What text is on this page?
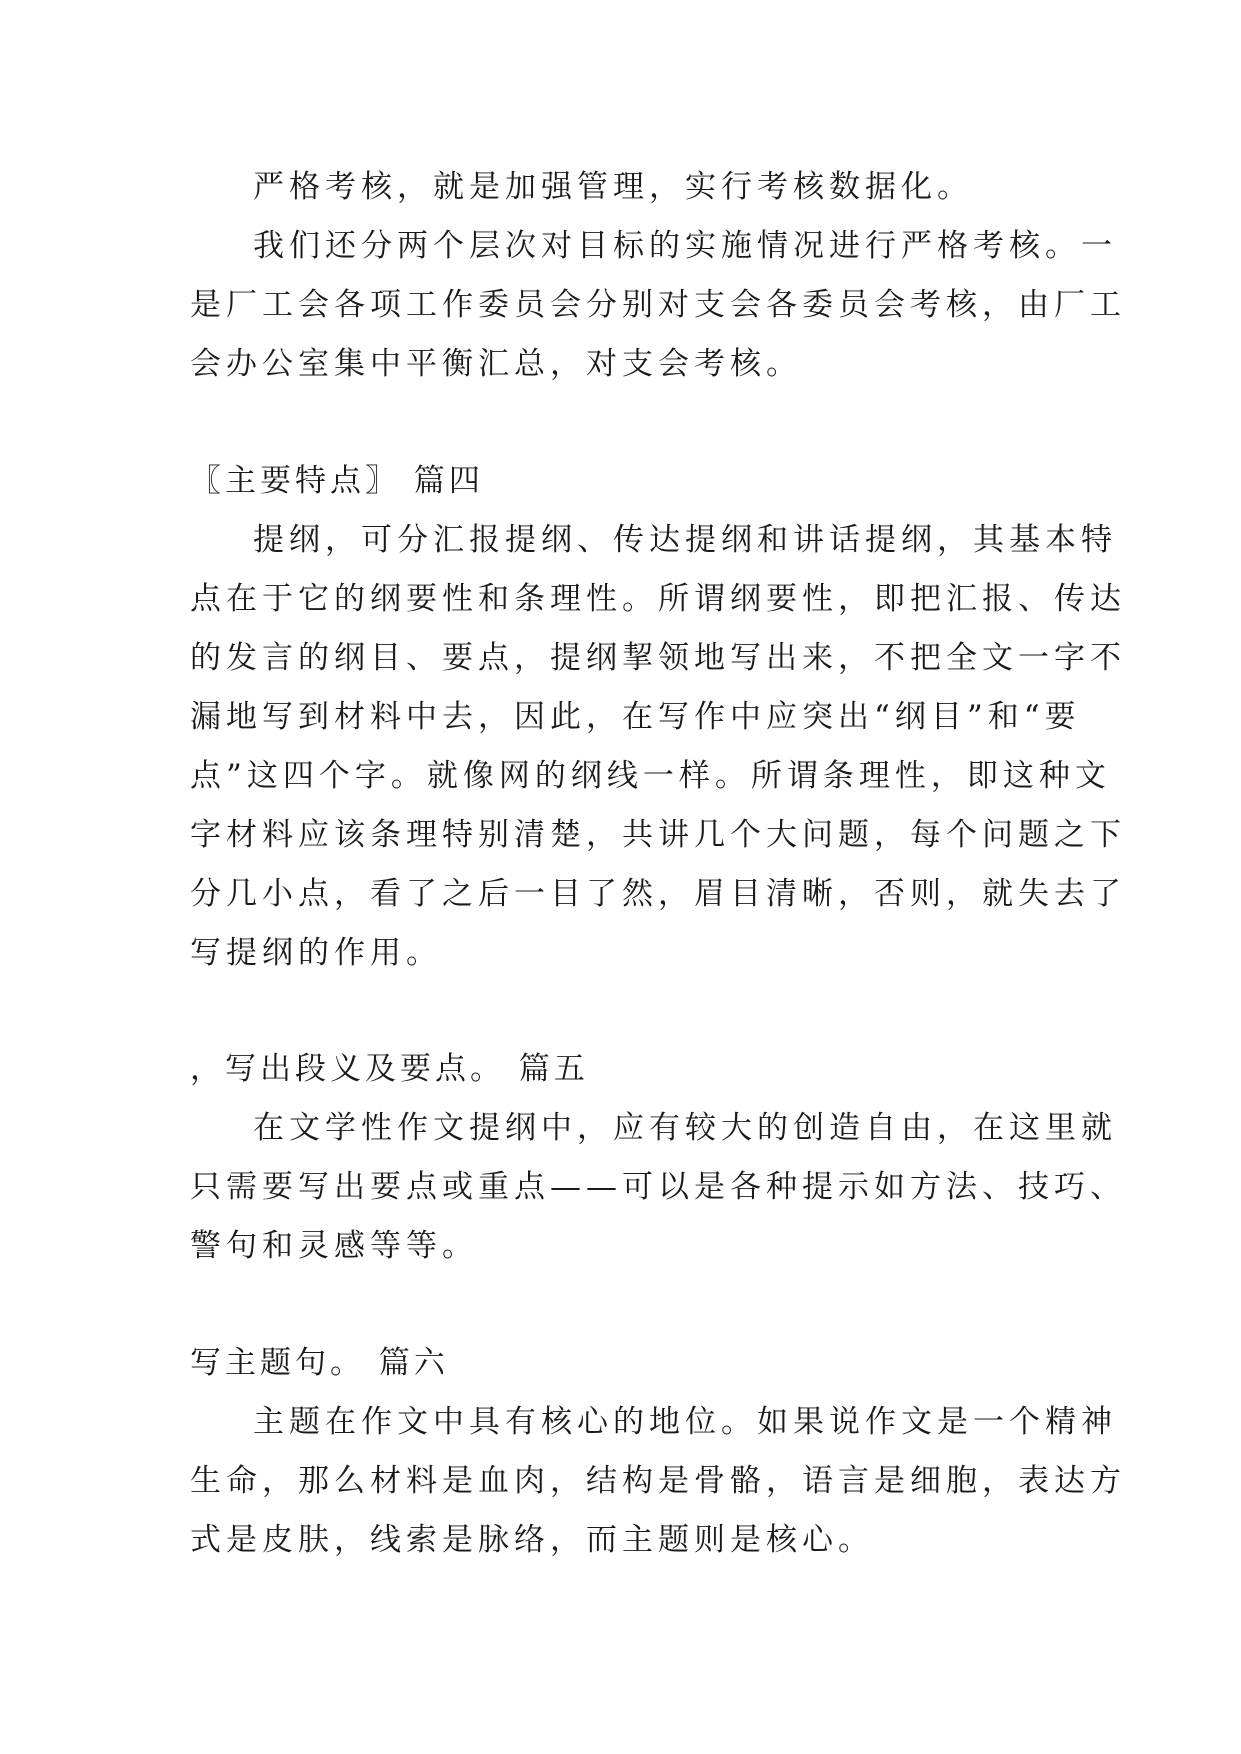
严格考核，就是加强管理，实行考核数据化。
我们还分两个层次对目标的实施情况进行严格考核。一
是厂工会各项工作委员会分别对支会各委员会考核，由厂工
会办公室集中平衡汇总，对支会考核。
〖主要特点〗 篇四
提纲，可分汇报提纲、传达提纲和讲话提纲，其基本特
点在于它的纲要性和条理性。所谓纲要性，即把汇报、传达
的发言的纲目、要点，提纲挈领地写出来，不把全文一字不
漏地写到材料中去，因此，在写作中应突出“纲目”和“要
点”这四个字。就像网的纲线一样。所谓条理性，即这种文
字材料应该条理特别清楚，共讲几个大问题，每个问题之下
分几小点，看了之后一目了然，眉目清晰，否则，就失去了
写提纲的作用。
，写出段义及要点。 篇五
在文学性作文提纲中，应有较大的创造自由，在这里就
只需要写出要点或重点——可以是各种提示如方法、技巧、
警句和灵感等等。
写主题句。 篇六
主题在作文中具有核心的地位。如果说作文是一个精神
生命，那么材料是血肉，结构是骨骼，语言是细胞，表达方
式是皮肤，线索是脉络，而主题则是核心。
